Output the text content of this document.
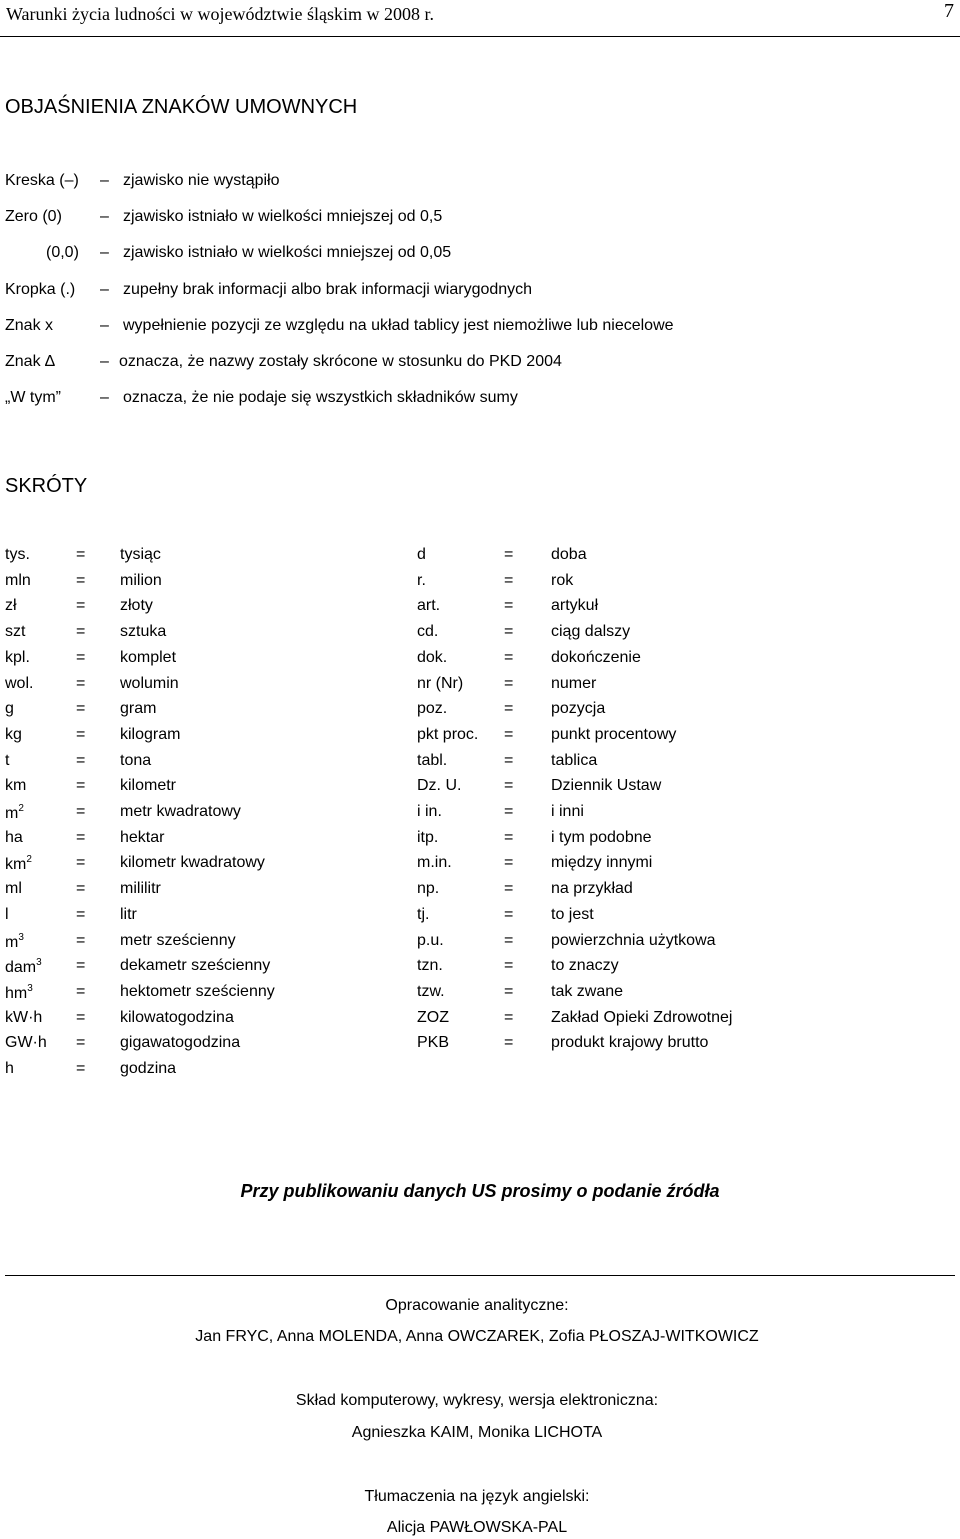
Warunki życia ludności w województwie śląskim w 2008 r.	7
OBJAŚNIENIA ZNAKÓW UMOWNYCH
Kreska (–) – zjawisko nie wystąpiło
Zero (0) – zjawisko istniało w wielkości mniejszej od 0,5
(0,0) – zjawisko istniało w wielkości mniejszej od 0,05
Kropka (.) – zupełny brak informacji albo brak informacji wiarygodnych
Znak x	– wypełnienie pozycji ze względu na układ tablicy jest niemożliwe lub niecelowe
Znak ∆	– oznacza, że nazwy zostały skrócone w stosunku do PKD 2004
„W tym” – oznacza, że nie podaje się wszystkich składników sumy
SKRÓTY
tys.	= tysiąc	d	= doba
mln	= milion	r.	= rok
zł	= złoty	art.	= artykuł
szt	= sztuka	cd.	= ciąg dalszy
kpl.	= komplet	dok.	= dokończenie
wol.	= wolumin	nr (Nr)	= numer
g	= gram	poz.	= pozycja
kg	= kilogram	pkt proc. = punkt procentowy
t	= tona	tabl.	= tablica
km	= kilometr	Dz. U.	= Dziennik Ustaw
$m^2$	= metr kwadratowy	i in.	= i inni
ha	= hektar	itp.	= i tym podobne
$km^2$	= kilometr kwadratowy	m.in.	= między innymi
ml	= mililitr	np.	= na przykład
l	= litr	tj.	= to jest
$m^3$	= metr sześcienny	p.u.	= powierzchnia użytkowa
dam$^3$ = dekametr sześcienny	tzn.	= to znaczy
$hm^3$	= hektometr sześcienny	tzw.	= tak zwane
kW·h = kilowatogodzina	ZOZ	= Zakład Opieki Zdrowotnej
GW·h = gigawatogodzina	PKB	= produkt krajowy brutto
h	= godzina
Przy publikowaniu danych US prosimy o podanie źródła
Opracowanie analityczne:
Jan FRYC, Anna MOLENDA, Anna OWCZAREK, Zofia PŁOSZAJ-WITKOWICZ
Skład komputerowy, wykresy, wersja elektroniczna:
Agnieszka KAIM, Monika LICHOTA
Tłumaczenia na język angielski:
Alicja PAWŁOWSKA-PAL
